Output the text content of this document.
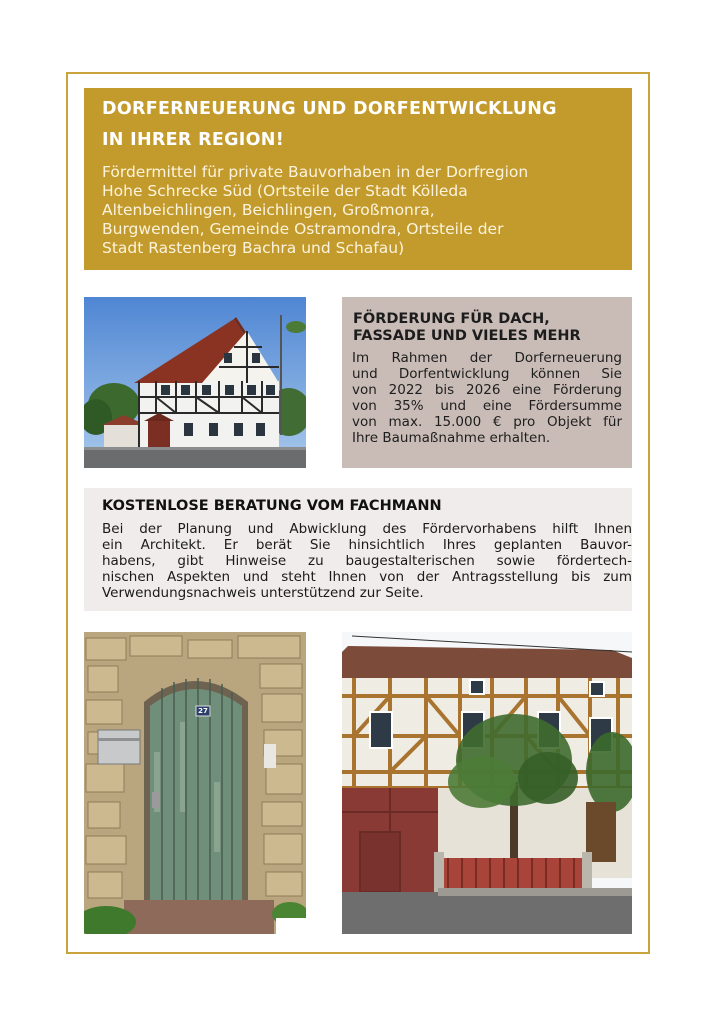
DORFERNEUERUNG UND DORFENTWICKLUNG
IN IHRER REGION!

Fördermittel für private Bauvorhaben in der Dorfregion
Hohe Schrecke Süd (Ortsteile der Stadt Kölleda
Altenbeichlingen, Beichlingen, Großmonra,
Burgwenden, Gemeinde Ostramondra, Ortsteile der
Stadt Rastenberg Bachra und Schafau)

FÖRDERUNG FÜR DACH,
FASSADE UND VIELES MEHR

Im Rahmen der Dorferneuerung
und Dorfentwicklung können Sie
von 2022 bis 2026 eine Förderung
von 35% und eine Fördersumme
von max. 15.000 € pro Objekt für
Ihre Baumaßnahme erhalten.

KOSTENLOSE BERATUNG VOM FACHMANN

Bei der Planung und Abwicklung des Fördervorhabens hilft Ihnen
ein Architekt. Er berät Sie hinsichtlich Ihres geplanten Bauvor-
habens, gibt Hinweise zu baugestalterischen sowie fördertech-
nischen Aspekten und steht Ihnen von der Antragsstellung bis zum
Verwendungsnachweis unterstützend zur Seite.

27
